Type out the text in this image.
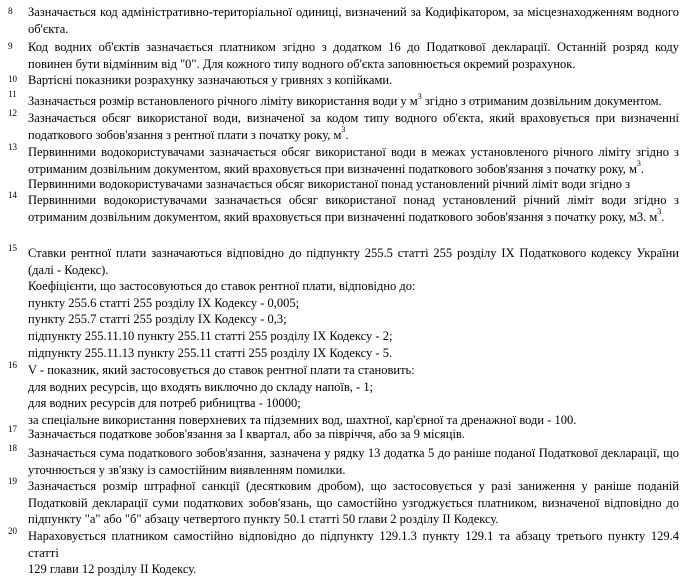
8 Зазначається код адміністративно-територіальної одиниці, визначений за Кодифікатором, за місцезнаходженням водного
об'єкта.
9 Код водних об'єктів зазначається платником згідно з додатком 16 до Податкової декларації. Останній розряд коду
повинен бути відмінним від "0". Для кожного типу водного об'єкта заповнюється окремий розрахунок.
10 Вартісні показники розрахунку зазначаються у гривнях з копійками.
11 Зазначається розмір встановленого річного ліміту використання води у $м^3$ згідно з отриманим дозвільним документом.
12 Зазначається обсяг використаної води, визначеної за кодом типу водного об'єкта, який враховується при визначенні
податкового зобов'язання з рентної плати з початку року, $м^3$.
13 Первинними водокористувачами зазначається обсяг використаної води в межах установленого річного ліміту згідно з
отриманим дозвільним документом, який враховується при визначенні податкового зобов'язання з початку року, $м^3$.
Первинними водокористувачами зазначається обсяг використаної понад установлений річний ліміт води згідно з
14 Первинними водокористувачами зазначається обсяг використаної понад установлений річний ліміт води згідно з
отриманим дозвільним документом, який враховується при визначенні податкового зобов'язання з початку року, м3. $м^3$.
15 Ставки рентної плати зазначаються відповідно до підпункту 255.5 статті 255 розділу IX Податкового кодексу України
(далі - Кодекс).
Коефіцієнти, що застосовуються до ставок рентної плати, відповідно до:
пункту 255.6 статті 255 розділу IX Кодексу - 0,005;
пункту 255.7 статті 255 розділу IX Кодексу - 0,3;
підпункту 255.11.10 пункту 255.11 статті 255 розділу IX Кодексу - 2;
підпункту 255.11.13 пункту 255.11 статті 255 розділу IX Кодексу - 5.
16 V - показник, який застосовується до ставок рентної плати та становить:
для водних ресурсів, що входять виключно до складу напоїв, - 1;
для водних ресурсів для потреб рибництва - 10000;
за спеціальне використання поверхневих та підземних вод, шахтної, кар'єрної та дренажної води - 100.
17 Зазначається податкове зобов'язання за I квартал, або за півріччя, або за 9 місяців.
18 Зазначається сума податкового зобов'язання, зазначена у рядку 13 додатка 5 до раніше поданої Податкової декларації, що
уточнюється у зв'язку із самостійним виявленням помилки.
19 Зазначається розмір штрафної санкції (десятковим дробом), що застосовується у разі заниження у раніше поданій
Податковій декларації суми податкових зобов'язань, що самостійно узгоджується платником, визначеної відповідно до
підпункту "а" або "б" абзацу четвертого пункту 50.1 статті 50 глави 2 розділу II Кодексу.
20 Нараховується платником самостійно відповідно до підпункту 129.1.3 пункту 129.1 та абзацу третього пункту 129.4 статті
129 глави 12 розділу II Кодексу.
